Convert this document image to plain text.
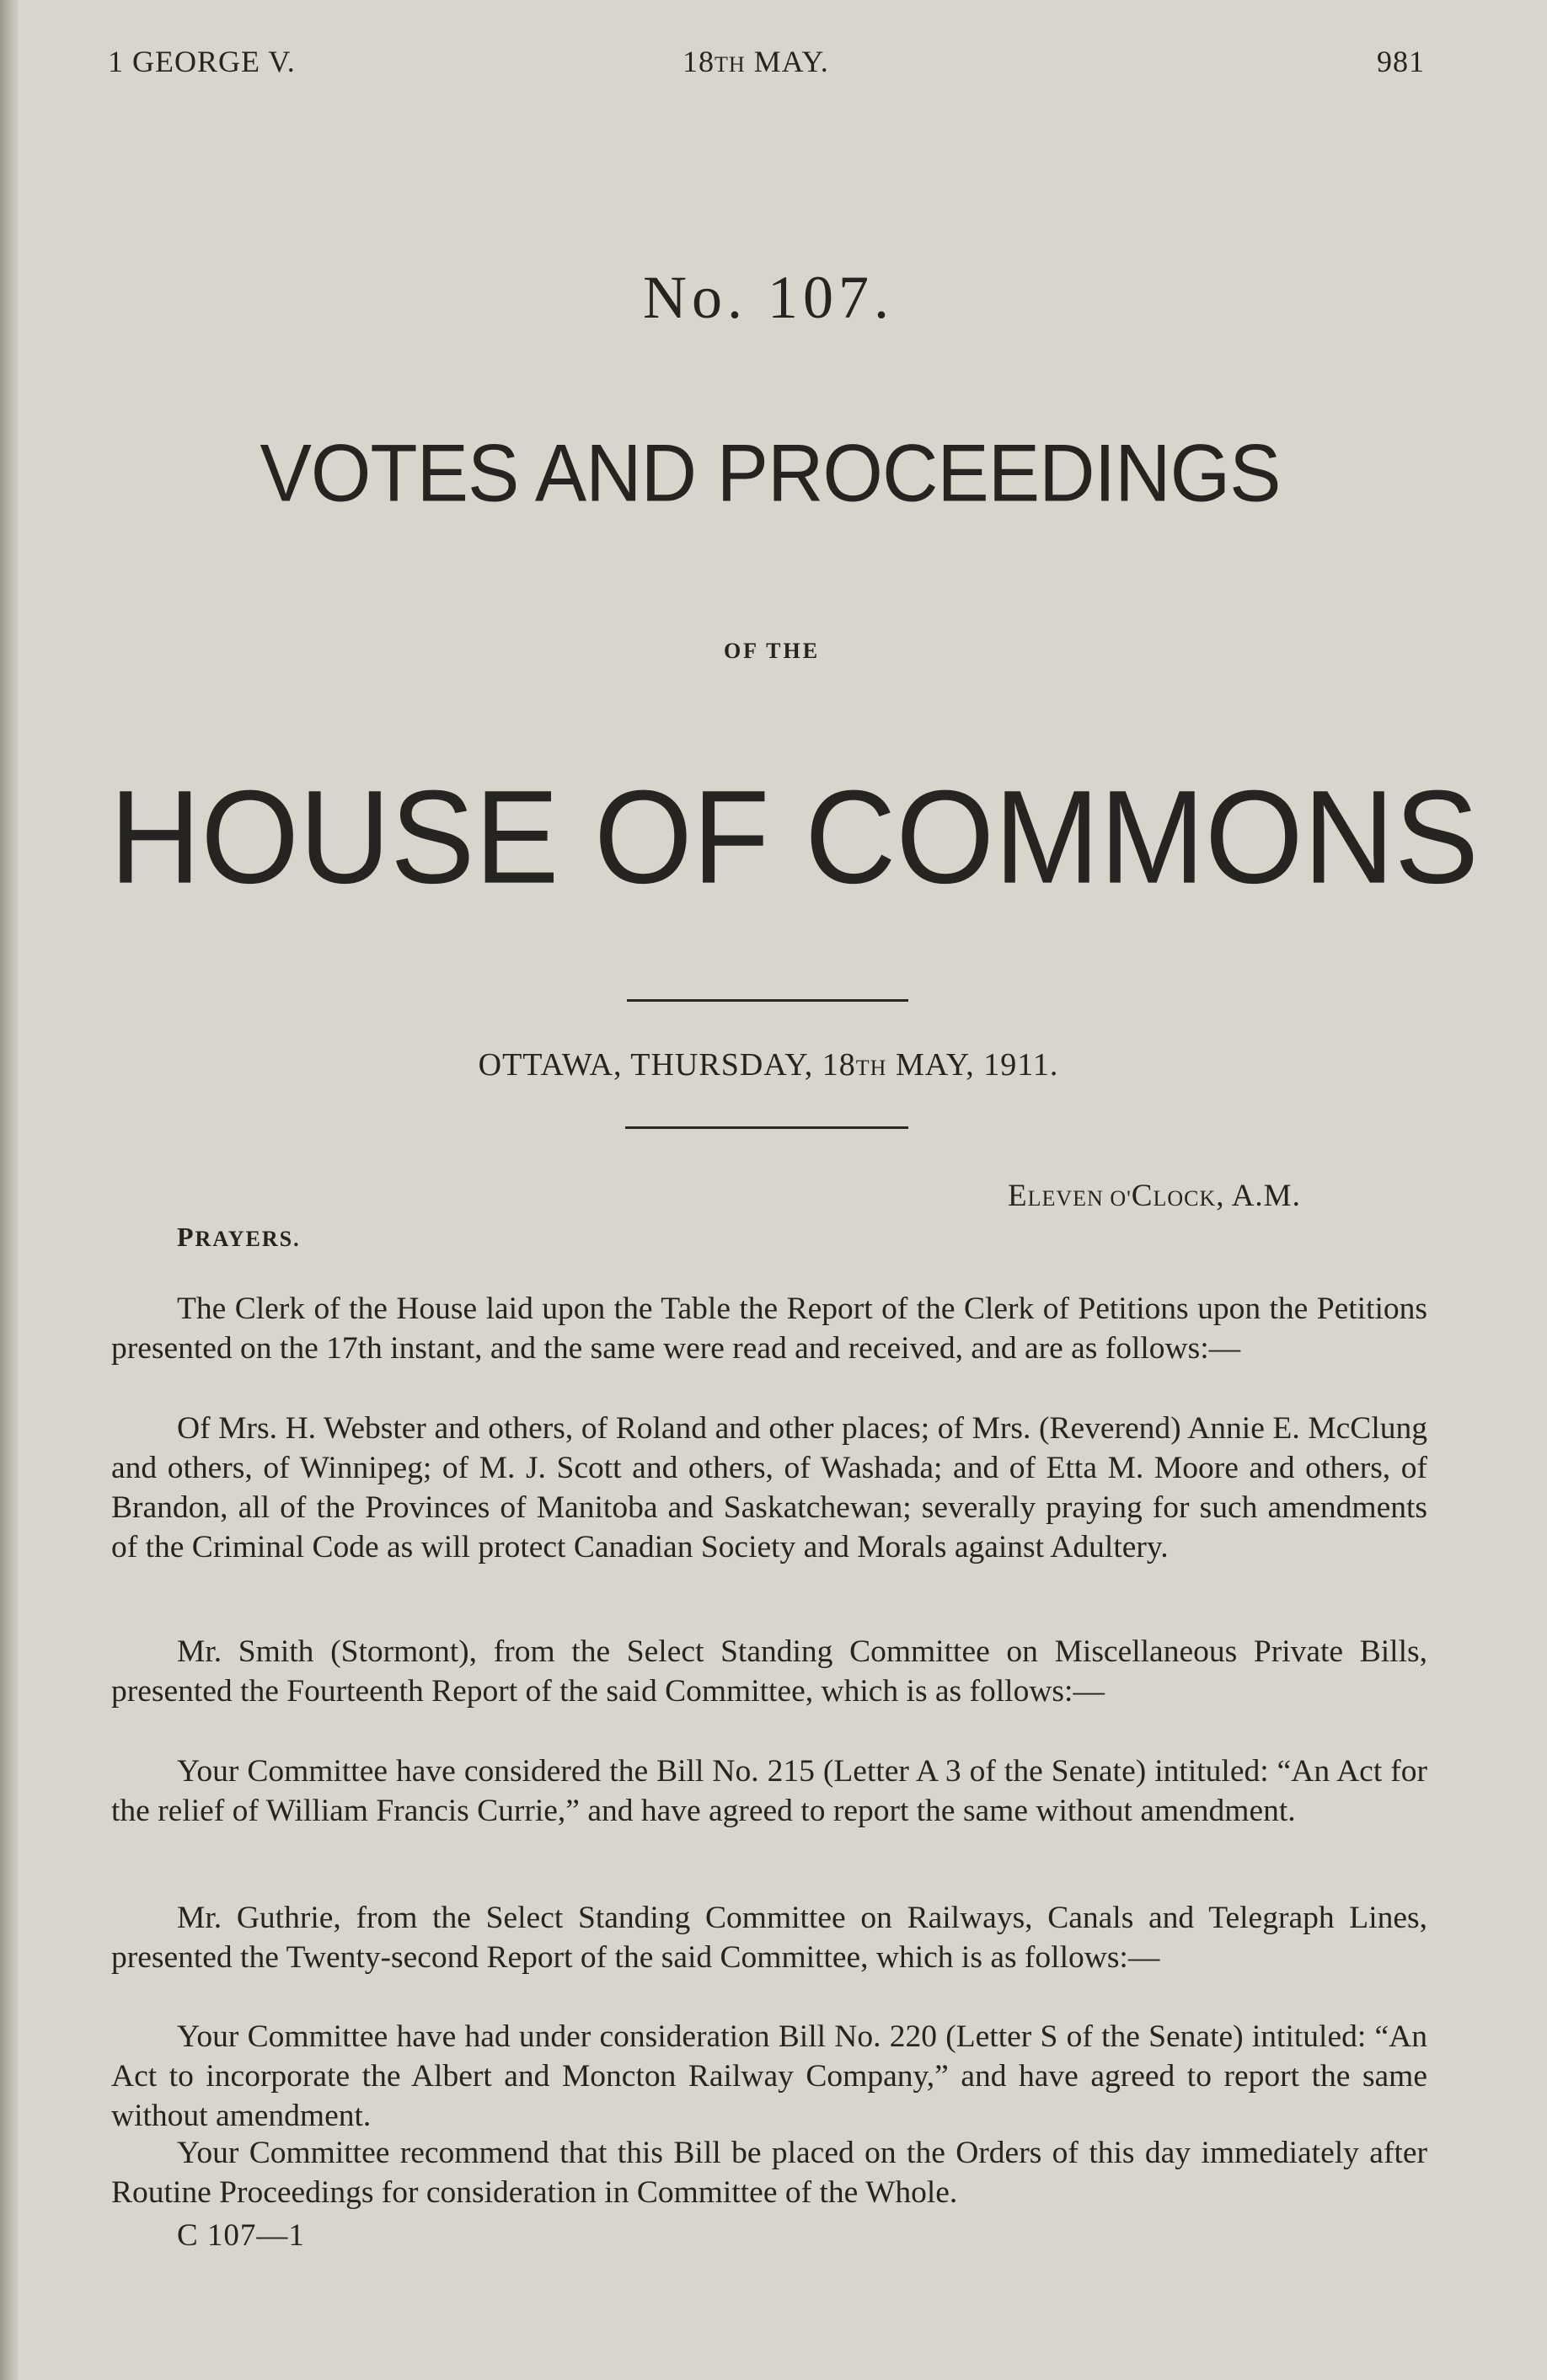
1 GEORGE V.	18TH MAY.	981
No. 107.
VOTES AND PROCEEDINGS
OF THE
HOUSE OF COMMONS
OTTAWA, THURSDAY, 18TH MAY, 1911.
ELEVEN O'CLOCK, A.M.
PRAYERS.

The Clerk of the House laid upon the Table the Report of the Clerk of Petitions upon the Petitions presented on the 17th instant, and the same were read and received, and are as follows:—

Of Mrs. H. Webster and others, of Roland and other places; of Mrs. (Reverend) Annie E. McClung and others, of Winnipeg; of M. J. Scott and others, of Washada; and of Etta M. Moore and others, of Brandon, all of the Provinces of Manitoba and Saskatchewan; severally praying for such amendments of the Criminal Code as will protect Canadian Society and Morals against Adultery.

Mr. Smith (Stormont), from the Select Standing Committee on Miscellaneous Private Bills, presented the Fourteenth Report of the said Committee, which is as follows:—

Your Committee have considered the Bill No. 215 (Letter A 3 of the Senate) intituled: “An Act for the relief of William Francis Currie,” and have agreed to report the same without amendment.

Mr. Guthrie, from the Select Standing Committee on Railways, Canals and Telegraph Lines, presented the Twenty-second Report of the said Committee, which is as follows:—

Your Committee have had under consideration Bill No. 220 (Letter S of the Senate) intituled: “An Act to incorporate the Albert and Moncton Railway Company,” and have agreed to report the same without amendment.

Your Committee recommend that this Bill be placed on the Orders of this day immediately after Routine Proceedings for consideration in Committee of the Whole.

C 107—1
